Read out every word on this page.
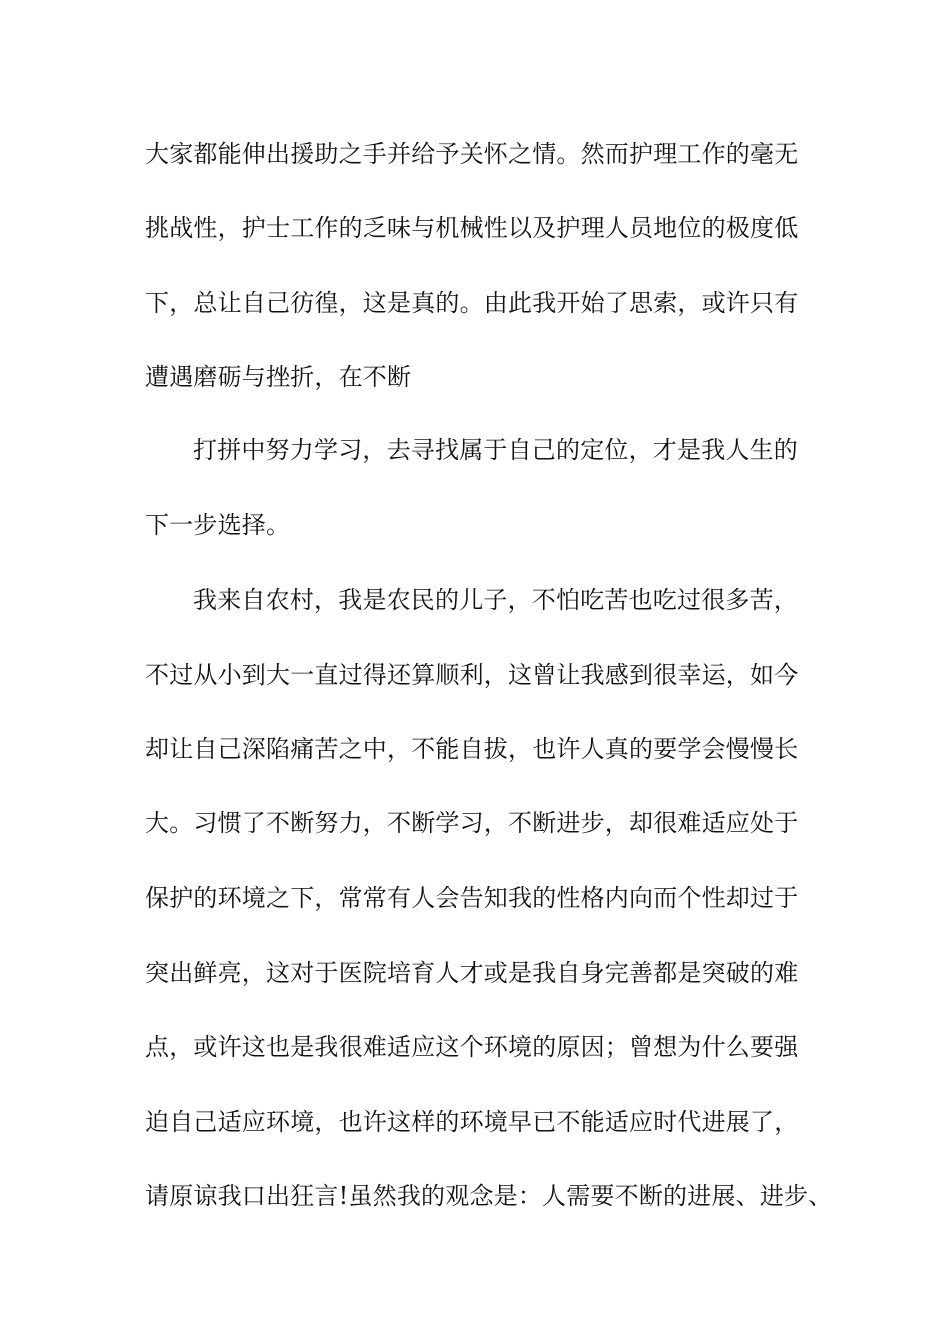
大家都能伸出援助之手并给予关怀之情。然而护理工作的毫无
挑战性，护士工作的乏味与机械性以及护理人员地位的极度低
下，总让自己彷徨，这是真的。由此我开始了思索，或许只有
遭遇磨砺与挫折，在不断
打拼中努力学习，去寻找属于自己的定位，才是我人生的
下一步选择。
我来自农村，我是农民的儿子，不怕吃苦也吃过很多苦，
不过从小到大一直过得还算顺利，这曾让我感到很幸运，如今
却让自己深陷痛苦之中，不能自拔，也许人真的要学会慢慢长
大。习惯了不断努力，不断学习，不断进步，却很难适应处于
保护的环境之下，常常有人会告知我的性格内向而个性却过于
突出鲜亮，这对于医院培育人才或是我自身完善都是突破的难
点，或许这也是我很难适应这个环境的原因；曾想为什么要强
迫自己适应环境，也许这样的环境早已不能适应时代进展了，
请原谅我口出狂言!虽然我的观念是：人需要不断的进展、进步、
